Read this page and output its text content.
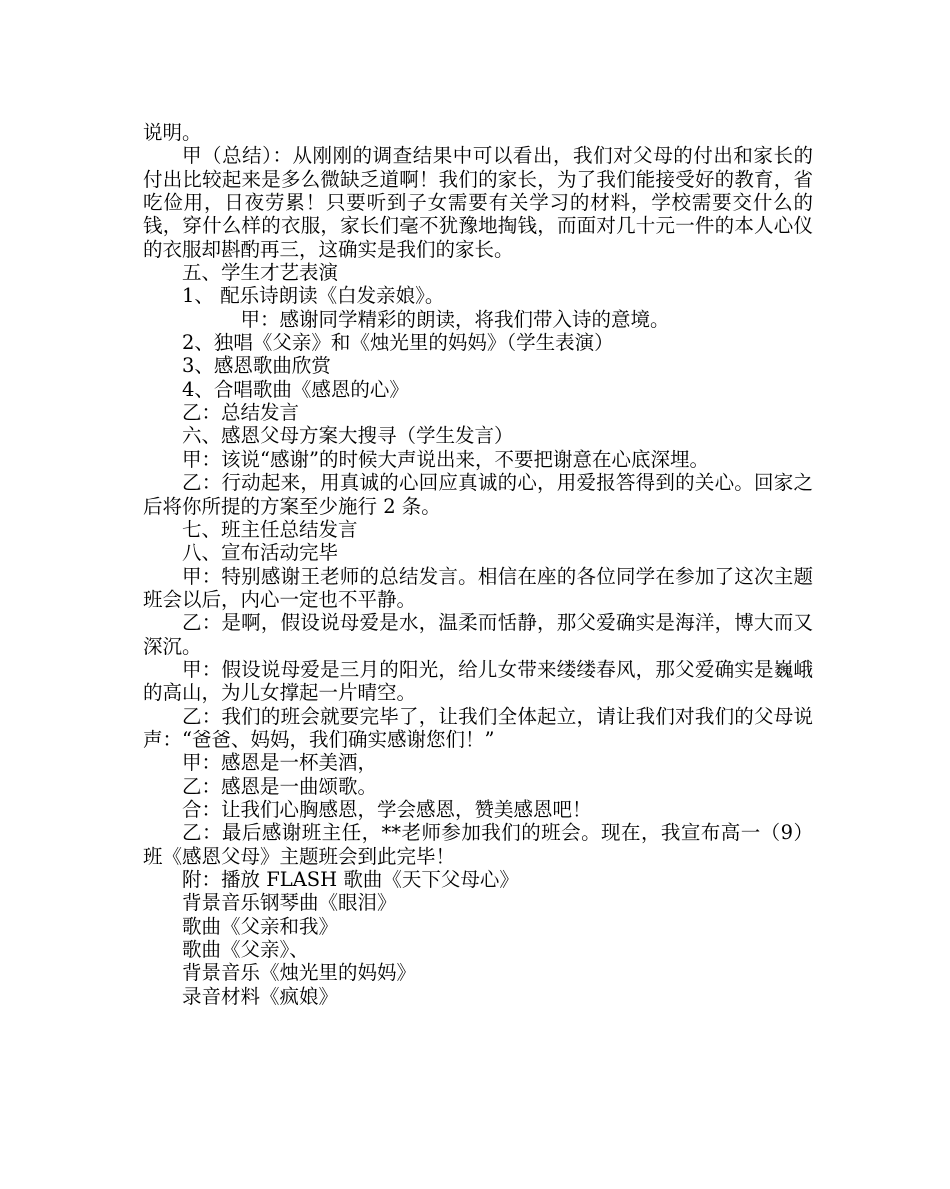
说明。

甲（总结）：从刚刚的调查结果中可以看出，我们对父母的付出和家长的付出比较起来是多么微缺乏道啊！我们的家长，为了我们能接受好的教育，省吃俭用，日夜劳累！只要听到子女需要有关学习的材料，学校需要交什么的钱，穿什么样的衣服，家长们毫不犹豫地掏钱，而面对几十元一件的本人心仪的衣服却斟酌再三，这确实是我们的家长。

五、学生才艺表演

1、 配乐诗朗读《白发亲娘》。

甲：感谢同学精彩的朗读，将我们带入诗的意境。

2、独唱《父亲》和《烛光里的妈妈》（学生表演）

3、感恩歌曲欣赏

4、合唱歌曲《感恩的心》

乙：总结发言

六、感恩父母方案大搜寻（学生发言）

甲：该说“感谢”的时候大声说出来，不要把谢意在心底深埋。

乙：行动起来，用真诚的心回应真诚的心，用爱报答得到的关心。回家之后将你所提的方案至少施行 2 条。

七、班主任总结发言

八、宣布活动完毕

甲：特别感谢王老师的总结发言。相信在座的各位同学在参加了这次主题班会以后，内心一定也不平静。

乙：是啊，假设说母爱是水，温柔而恬静，那父爱确实是海洋，博大而又深沉。

甲：假设说母爱是三月的阳光，给儿女带来缕缕春风，那父爱确实是巍峨的高山，为儿女撑起一片晴空。

乙：我们的班会就要完毕了，让我们全体起立，请让我们对我们的父母说声：“爸爸、妈妈，我们确实感谢您们！”

甲：感恩是一杯美酒，

乙：感恩是一曲颂歌。

合：让我们心胸感恩，学会感恩，赞美感恩吧！

乙：最后感谢班主任，**老师参加我们的班会。现在，我宣布高一（9）班《感恩父母》主题班会到此完毕！

附：播放 FLASH 歌曲《天下父母心》

背景音乐钢琴曲《眼泪》

歌曲《父亲和我》

歌曲《父亲》、

背景音乐《烛光里的妈妈》

录音材料《疯娘》
